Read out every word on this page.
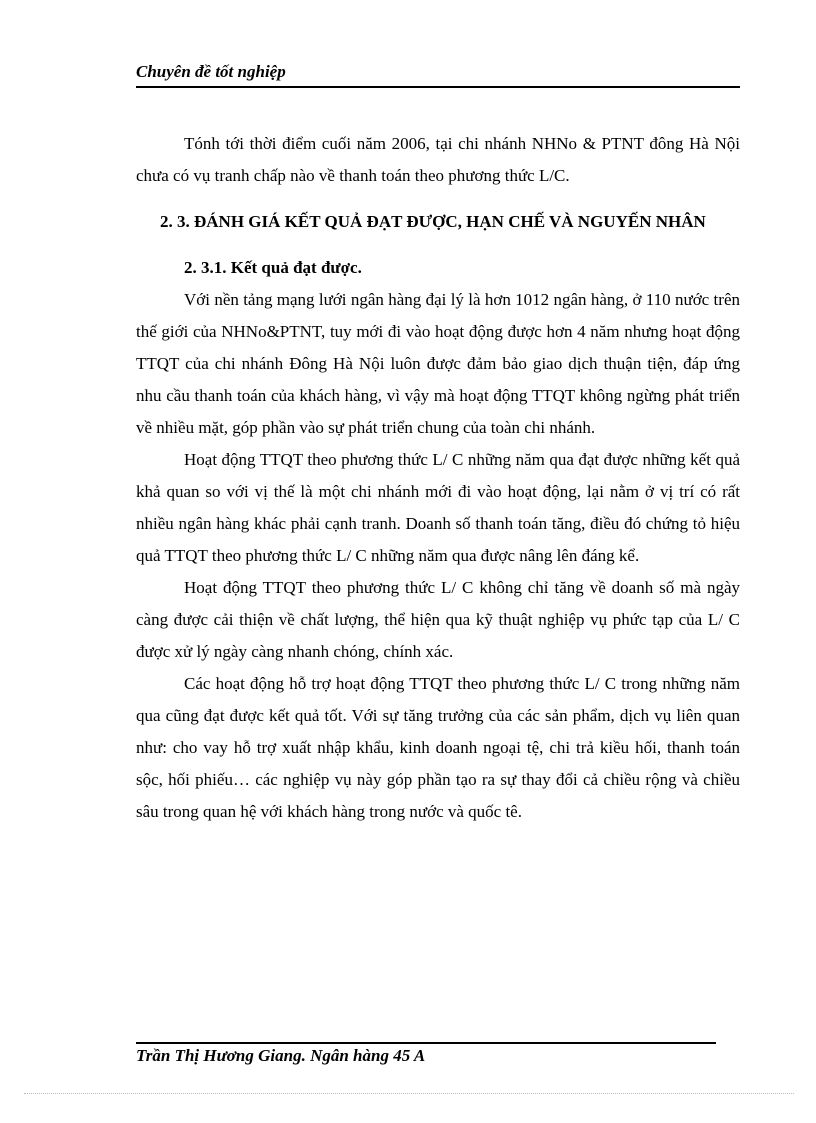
Chuyên đề tốt nghiệp

Tónh tới thời điểm cuối năm 2006, tại chi nhánh NHNo & PTNT đông Hà Nội chưa có vụ tranh chấp nào về thanh toán theo phương thức L/C.

2. 3. ĐÁNH GIÁ KẾT QUẢ ĐẠT ĐƯỢC, HẠN CHẾ VÀ NGUYẾN NHÂN
2. 3.1. Kết quả đạt được.

Với nền tảng mạng lưới ngân hàng đại lý là hơn 1012 ngân hàng, ở 110 nước trên thế giới của NHNo&PTNT, tuy mới đi vào hoạt động được hơn 4 năm nhưng hoạt động TTQT của chi nhánh Đông Hà Nội luôn được đảm bảo giao dịch thuận tiện, đáp ứng nhu cầu thanh toán của khách hàng, vì vậy mà hoạt động TTQT không ngừng phát triển về nhiều mặt, góp phần vào sự phát triển chung của toàn chi nhánh.

Hoạt động TTQT theo phương thức L/ C những năm qua đạt được những kết quả khả quan so với vị thế là một chi nhánh mới đi vào hoạt động, lại nằm ở vị trí có rất nhiều ngân hàng khác phải cạnh tranh. Doanh số thanh toán tăng, điều đó chứng tỏ hiệu quả TTQT theo phương thức L/ C những năm qua được nâng lên đáng kể.

Hoạt động TTQT theo phương thức L/ C không chỉ tăng về doanh số mà ngày càng được cải thiện về chất lượng, thể hiện qua kỹ thuật nghiệp vụ phức tạp của L/ C được xử lý ngày càng nhanh chóng, chính xác.

Các hoạt động hỗ trợ hoạt động TTQT theo phương thức L/ C trong những năm qua cũng đạt được kết quả tốt. Với sự tăng trưởng của các sản phẩm, dịch vụ liên quan như: cho vay hỗ trợ xuất nhập khẩu, kinh doanh ngoại tệ, chi trả kiều hối, thanh toán sộc, hối phiếu… các nghiệp vụ này góp phần tạo ra sự thay đổi cả chiều rộng và chiều sâu trong quan hệ với khách hàng trong nước và quốc tê.

Trần Thị Hương Giang. Ngân hàng 45 A
